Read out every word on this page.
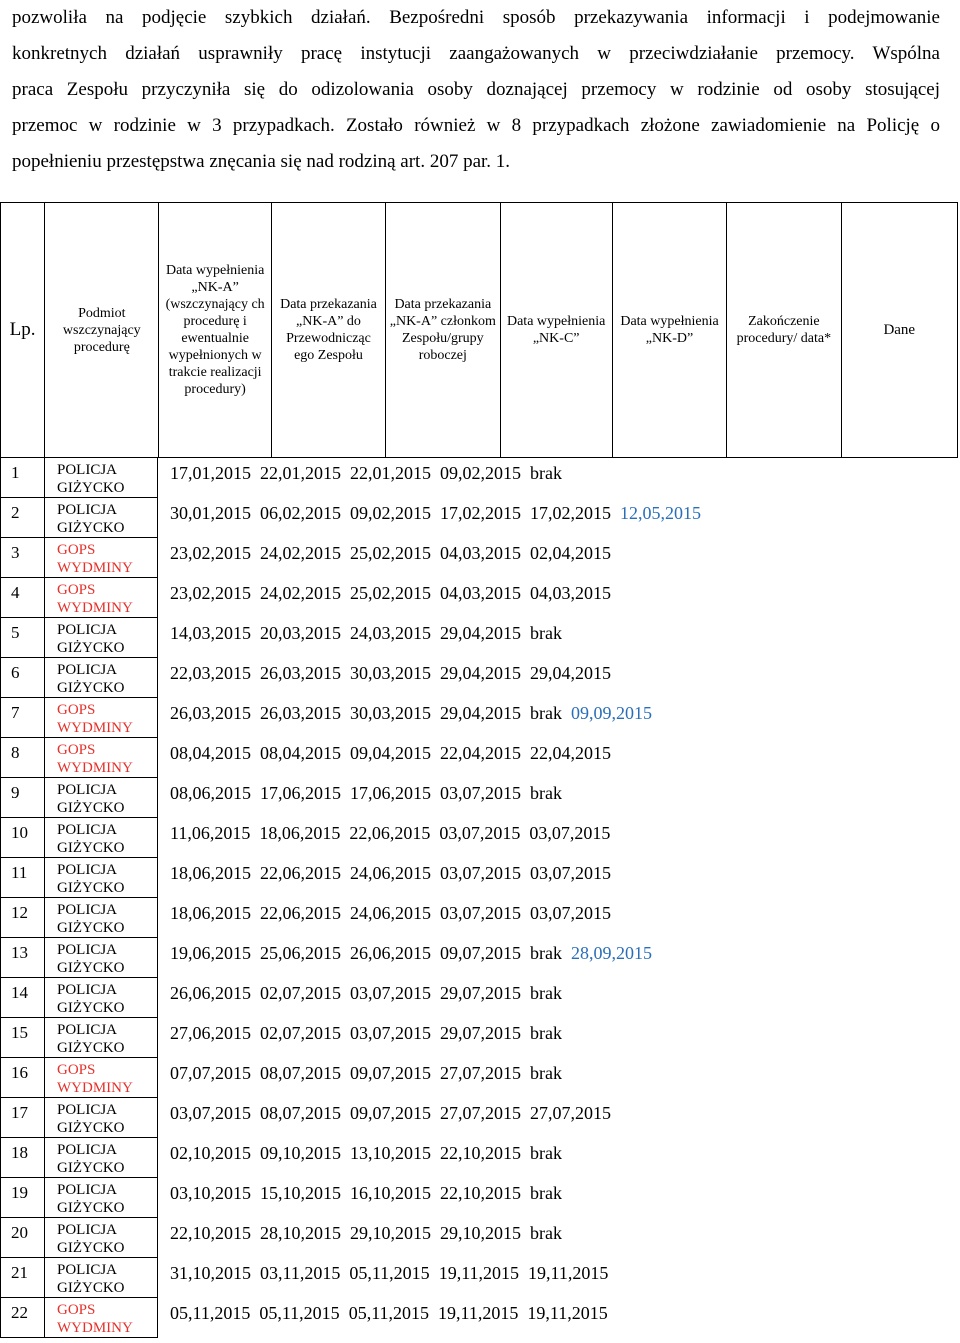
pozwoliła na podjęcie szybkich działań. Bezpośredni sposób przekazywania informacji i podejmowanie
konkretnych działań usprawniły pracę instytucji zaangażowanych w przeciwdziałanie przemocy. Wspólna
praca Zespołu przyczyniła się do odizolowania osoby doznającej przemocy w rodzinie od osoby stosującej
przemoc w rodzinie w 3 przypadkach. Zostało również w 8 przypadkach złożone zawiadomienie na Policję o
popełnieniu przestępstwa znęcania się nad rodziną art. 207 par. 1.
Lp.	Podmiot wszczynający procedurę	Data wypełnienia „NK-A” (wszczynający ch procedurę i ewentualnie wypełnionych w trakcie realizacji procedury)	Data przekazania „NK-A” do Przewodnicząc ego Zespołu	Data przekazania „NK-A” członkom Zespołu/grupy roboczej	Data wypełnienia „NK-C”	Data wypełnienia „NK-D”	Zakończenie procedury/ data*	Dane
1	POLICJA
GIŻYCKO
17,01,2015 22,01,2015 22,01,2015 09,02,2015 brak
2	POLICJA
GIŻYCKO
30,01,2015 06,02,2015 09,02,2015 17,02,2015 17,02,2015 12,05,2015
3	GOPS
WYDMINY
23,02,2015 24,02,2015 25,02,2015 04,03,2015 02,04,2015
4	GOPS
WYDMINY
23,02,2015 24,02,2015 25,02,2015 04,03,2015 04,03,2015
5	POLICJA
GIŻYCKO
14,03,2015 20,03,2015 24,03,2015 29,04,2015 brak
6	POLICJA
GIŻYCKO
22,03,2015 26,03,2015 30,03,2015 29,04,2015 29,04,2015
7	GOPS
WYDMINY
26,03,2015 26,03,2015 30,03,2015 29,04,2015 brak 09,09,2015
8	GOPS
WYDMINY
08,04,2015 08,04,2015 09,04,2015 22,04,2015 22,04,2015
9	POLICJA
GIŻYCKO
08,06,2015 17,06,2015 17,06,2015 03,07,2015 brak
10 POLICJA
GIŻYCKO
11,06,2015 18,06,2015 22,06,2015 03,07,2015 03,07,2015
11 POLICJA
GIŻYCKO
18,06,2015 22,06,2015 24,06,2015 03,07,2015 03,07,2015
12 POLICJA
GIŻYCKO
18,06,2015 22,06,2015 24,06,2015 03,07,2015 03,07,2015
13 POLICJA
GIŻYCKO
19,06,2015 25,06,2015 26,06,2015 09,07,2015 brak 28,09,2015
14 POLICJA
GIŻYCKO
26,06,2015 02,07,2015 03,07,2015 29,07,2015 brak
15 POLICJA
GIŻYCKO
27,06,2015 02,07,2015 03,07,2015 29,07,2015 brak
16 GOPS
WYDMINY
07,07,2015 08,07,2015 09,07,2015 27,07,2015 brak
17 POLICJA
GIŻYCKO
03,07,2015 08,07,2015 09,07,2015 27,07,2015 27,07,2015
18 POLICJA
GIŻYCKO
02,10,2015 09,10,2015 13,10,2015 22,10,2015 brak
19 POLICJA
GIŻYCKO
03,10,2015 15,10,2015 16,10,2015 22,10,2015 brak
20 POLICJA
GIŻYCKO
22,10,2015 28,10,2015 29,10,2015 29,10,2015 brak
21 POLICJA
GIŻYCKO
31,10,2015 03,11,2015 05,11,2015 19,11,2015 19,11,2015
22 GOPS
WYDMINY
05,11,2015 05,11,2015 05,11,2015 19,11,2015 19,11,2015
